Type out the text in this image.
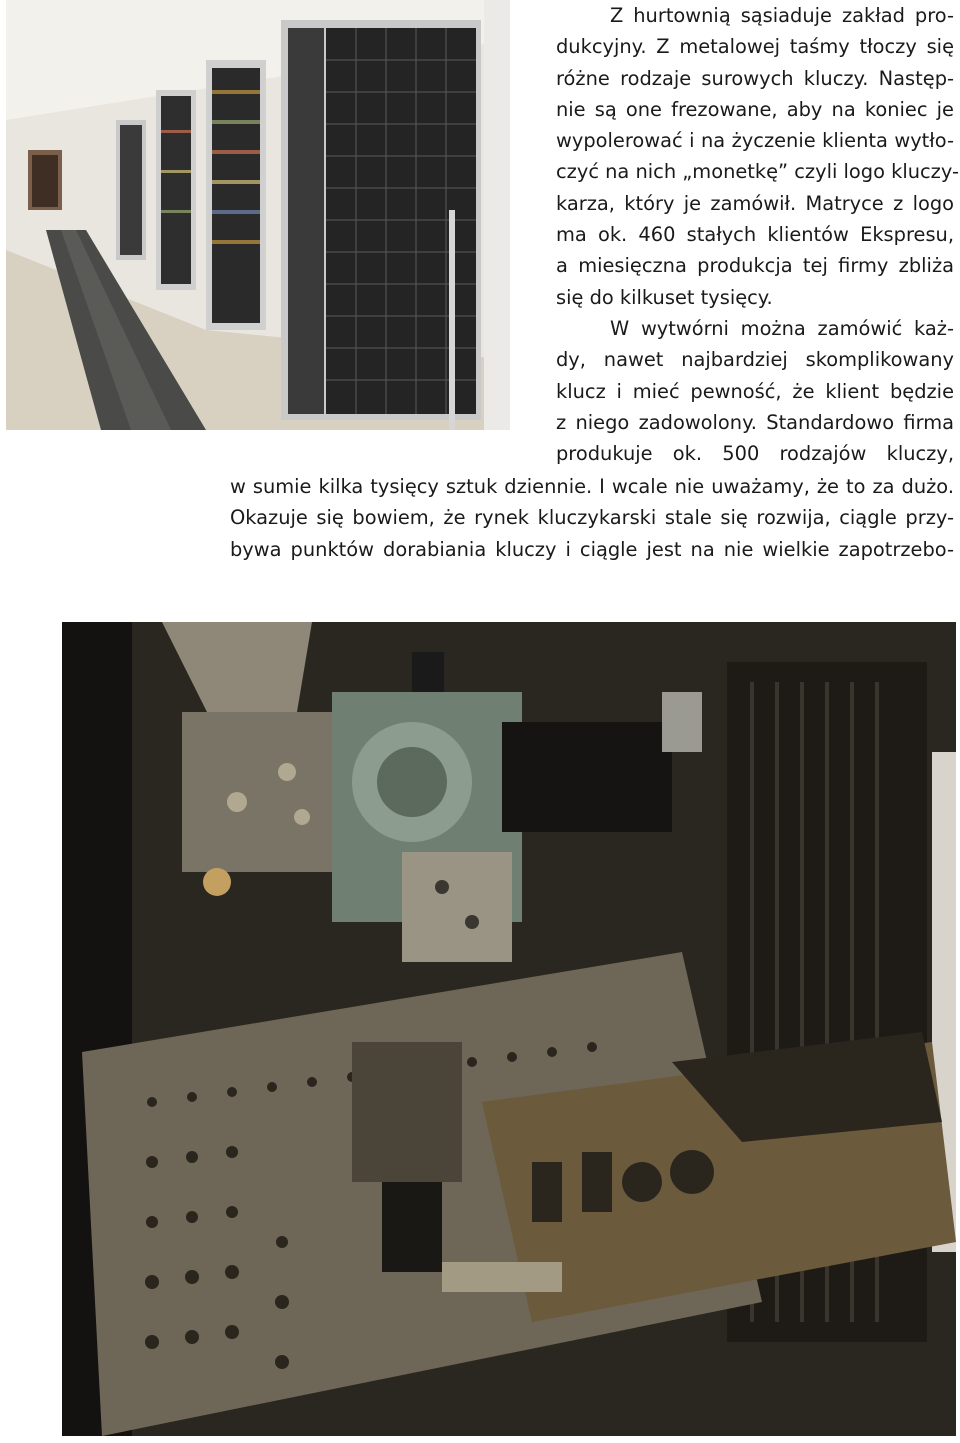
Z hurtownią sąsiaduje zakład pro-
dukcyjny. Z metalowej taśmy tłoczy się
różne rodzaje surowych kluczy. Następ-
nie są one frezowane, aby na koniec je
wypolerować i na życzenie klienta wytło-
czyć na nich „monetkę” czyli logo kluczy-
karza, który je zamówił. Matryce z logo
ma ok. 460 stałych klientów Ekspresu,
a miesięczna produkcja tej firmy zbliża
się do kilkuset tysięcy.
W wytwórni można zamówić każ-
dy, nawet najbardziej skomplikowany
klucz i mieć pewność, że klient będzie
z niego zadowolony. Standardowo firma
produkuje ok. 500 rodzajów kluczy,
w sumie kilka tysięcy sztuk dziennie. I wcale nie uważamy, że to za dużo.
Okazuje się bowiem, że rynek kluczykarski stale się rozwija, ciągle przy-
bywa punktów dorabiania kluczy i ciągle jest na nie wielkie zapotrzebo-
